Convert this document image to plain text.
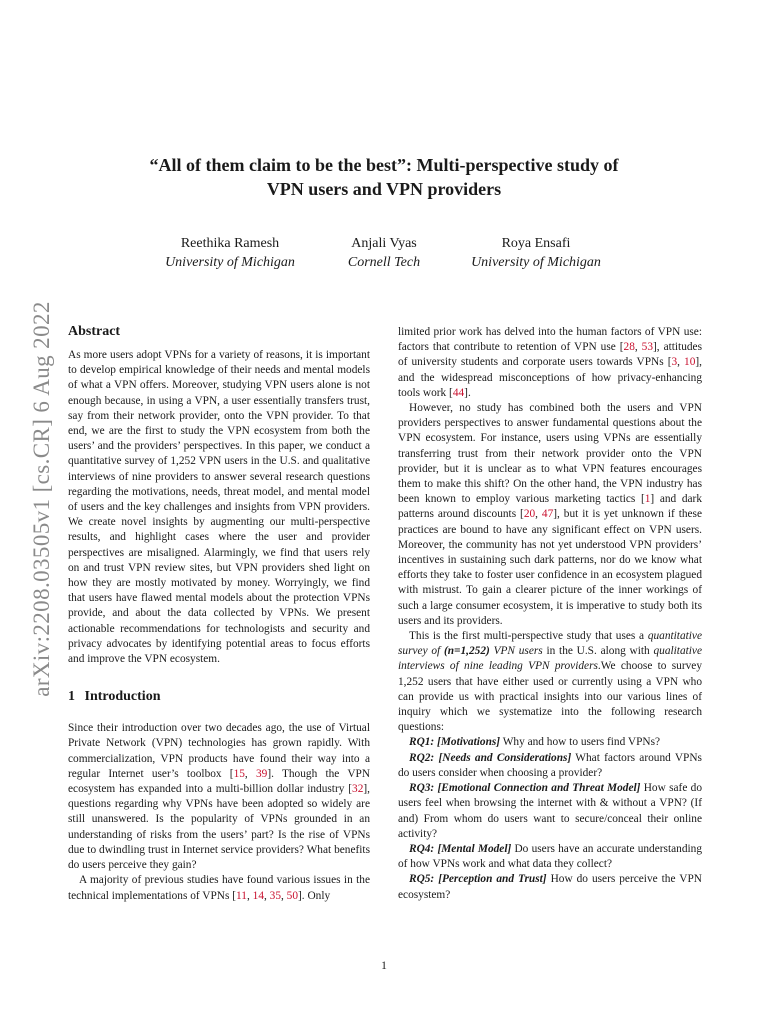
arXiv:2208.03505v1 [cs.CR] 6 Aug 2022
“All of them claim to be the best”: Multi-perspective study of
VPN users and VPN providers
Reethika Ramesh
University of Michigan
Anjali Vyas
Cornell Tech
Roya Ensafi
University of Michigan
Abstract

As more users adopt VPNs for a variety of reasons, it is important to develop empirical knowledge of their needs and mental models of what a VPN offers. Moreover, studying VPN users alone is not enough because, in using a VPN, a user essentially transfers trust, say from their network provider, onto the VPN provider. To that end, we are the first to study the VPN ecosystem from both the users’ and the providers’ perspectives. In this paper, we conduct a quantitative survey of 1,252 VPN users in the U.S. and qualitative interviews of nine providers to answer several research questions regarding the motivations, needs, threat model, and mental model of users and the key challenges and insights from VPN providers. We create novel insights by augmenting our multi-perspective results, and highlight cases where the user and provider perspectives are misaligned. Alarmingly, we find that users rely on and trust VPN review sites, but VPN providers shed light on how they are mostly motivated by money. Worryingly, we find that users have flawed mental models about the protection VPNs provide, and about the data collected by VPNs. We present actionable recommendations for technologists and security and privacy advocates by identifying potential areas to focus efforts and improve the VPN ecosystem.

1 Introduction

Since their introduction over two decades ago, the use of Virtual Private Network (VPN) technologies has grown rapidly. With commercialization, VPN products have found their way into a regular Internet user’s toolbox [15, 39]. Though the VPN ecosystem has expanded into a multi-billion dollar industry [32], questions regarding why VPNs have been adopted so widely are still unanswered. Is the popularity of VPNs grounded in an understanding of risks from the users’ part? Is the rise of VPNs due to dwindling trust in Internet service providers? What benefits do users perceive they gain?

A majority of previous studies have found various issues in the technical implementations of VPNs [11, 14, 35, 50]. Only

limited prior work has delved into the human factors of VPN use: factors that contribute to retention of VPN use [28, 53], attitudes of university students and corporate users towards VPNs [3, 10], and the widespread misconceptions of how privacy-enhancing tools work [44].

However, no study has combined both the users and VPN providers perspectives to answer fundamental questions about the VPN ecosystem. For instance, users using VPNs are essentially transferring trust from their network provider onto the VPN provider, but it is unclear as to what VPN features encourages them to make this shift? On the other hand, the VPN industry has been known to employ various marketing tactics [1] and dark patterns around discounts [20, 47], but it is yet unknown if these practices are bound to have any significant effect on VPN users. Moreover, the community has not yet understood VPN providers’ incentives in sustaining such dark patterns, nor do we know what efforts they take to foster user confidence in an ecosystem plagued with mistrust. To gain a clearer picture of the inner workings of such a large consumer ecosystem, it is imperative to study both its users and its providers.

This is the first multi-perspective study that uses a quantitative survey of (n=1,252) VPN users in the U.S. along with qualitative interviews of nine leading VPN providers.We choose to survey 1,252 users that have either used or currently using a VPN who can provide us with practical insights into our various lines of inquiry which we systematize into the following research questions:

RQ1: [Motivations] Why and how to users find VPNs?

RQ2: [Needs and Considerations] What factors around VPNs do users consider when choosing a provider?

RQ3: [Emotional Connection and Threat Model] How safe do users feel when browsing the internet with & without a VPN? (If and) From whom do users want to secure/conceal their online activity?

RQ4: [Mental Model] Do users have an accurate understanding of how VPNs work and what data they collect?

RQ5: [Perception and Trust] How do users perceive the VPN ecosystem?

1
